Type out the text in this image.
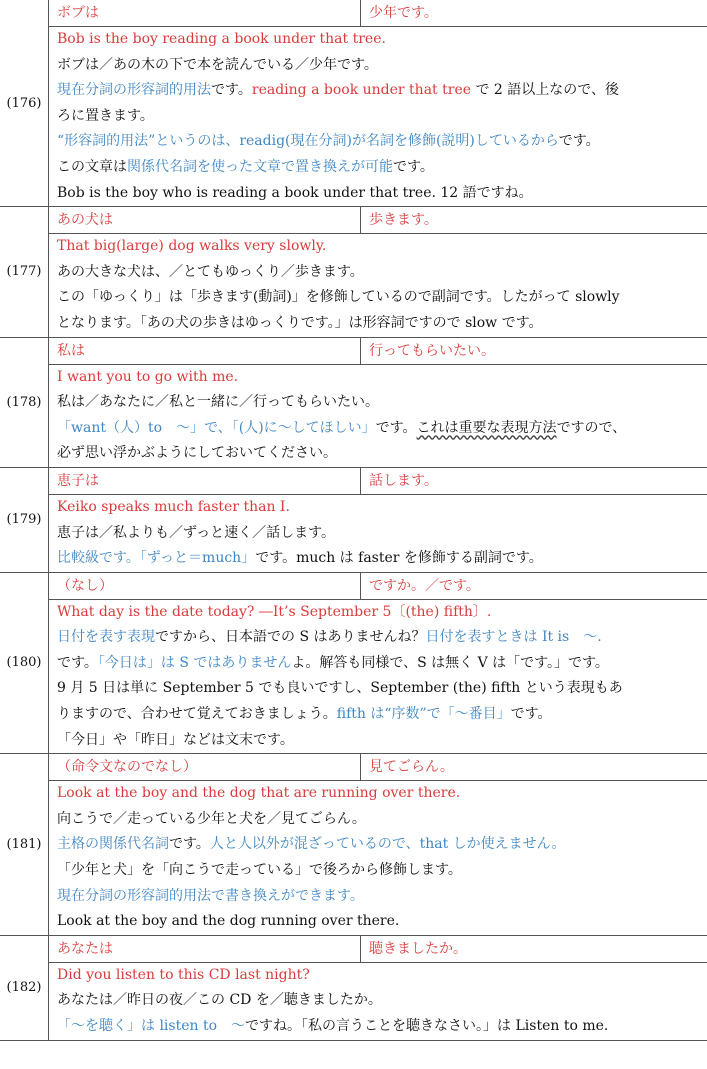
(176)
ボブは	少年です。
Bob is the boy reading a book under that tree.
ボブは／あの木の下で本を読んでいる／少年です。
現在分詞の形容詞的用法です。reading a book under that tree で 2 語以上なので、後
ろに置きます。
“形容詞的用法”というのは、readig(現在分詞)が名詞を修飾(説明)しているからです。
この文章は関係代名詞を使った文章で置き換えが可能です。
Bob is the boy who is reading a book under that tree. 12 語ですね。
(177)
あの犬は	歩きます。
That big(large) dog walks very slowly.
あの大きな犬は、／とてもゆっくり／歩きます。
この「ゆっくり」は「歩きます(動詞)」を修飾しているので副詞です。したがって slowly
となります。「あの犬の歩きはゆっくりです。」は形容詞ですので slow です。
(178)
私は	行ってもらいたい。
I want you to go with me.
私は／あなたに／私と一緒に／行ってもらいたい。
「want（人）to　～」で、「(人)に～してほしい」です。これは重要な表現方法ですので、
必ず思い浮かぶようにしておいてください。
(179)
恵子は	話します。
Keiko speaks much faster than I.
恵子は／私よりも／ずっと速く／話します。
比較級です。「ずっと＝much」です。much は faster を修飾する副詞です。
(180)
（なし）	ですか。／です。
What day is the date today? ―It’s September 5〔(the) fifth〕.
日付を表す表現ですから、日本語での S はありませんね？日付を表すときは It is　～.
です。「今日は」は S ではありませんよ。解答も同様で、S は無く V は「です。」です。
9 月 5 日は単に September 5 でも良いですし、September (the) fifth という表現もあ
りますので、合わせて覚えておきましょう。fifth は“序数”で「～番目」です。
「今日」や「昨日」などは文末です。
(181)
（命令文なのでなし）	見てごらん。
Look at the boy and the dog that are running over there.
向こうで／走っている少年と犬を／見てごらん。
主格の関係代名詞です。人と人以外が混ざっているので、that しか使えません。
「少年と犬」を「向こうで走っている」で後ろから修飾します。
現在分詞の形容詞的用法で書き換えができます。
Look at the boy and the dog running over there.
(182)
あなたは	聴きましたか。
Did you listen to this CD last night?
あなたは／昨日の夜／この CD を／聴きましたか。
「～を聴く」は listen to　～ですね。「私の言うことを聴きなさい。」は Listen to me.
